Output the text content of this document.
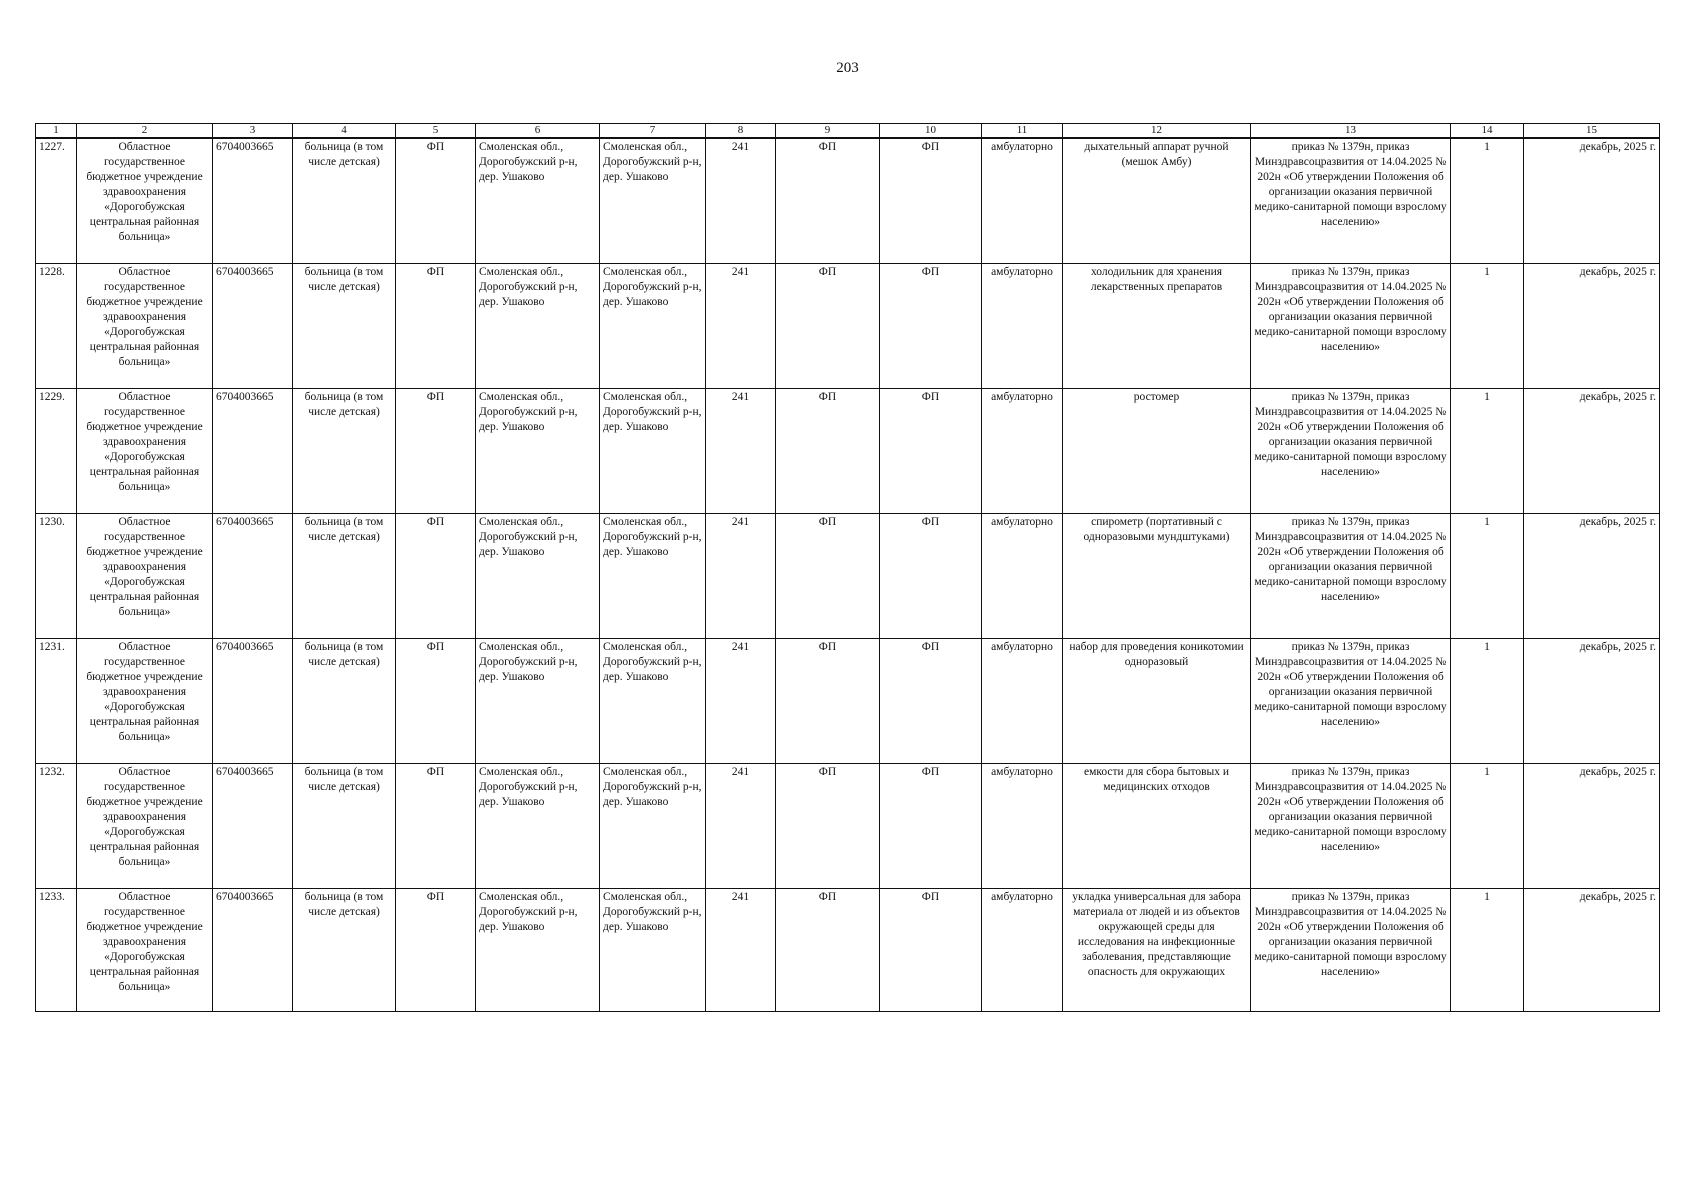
203
1	2	3	4	5	6	7	8	9	10	11	12	13	14	15
1227.	Областное государственное бюджетное учреждение здравоохранения «Дорогобужская центральная районная больница»	6704003665	больница (в том числе детская)	ФП	Смоленская обл., Дорогобужский р-н, дер. Ушаково	Смоленская обл., Дорогобужский р-н, дер. Ушаково	241	ФП	ФП	амбулаторно	дыхательный аппарат ручной (мешок Амбу)	приказ № 1379н, приказ Минздравсоцразвития от 14.04.2025 № 202н «Об утверждении Положения об организации оказания первичной медико-санитарной помощи взрослому населению»	1	декабрь, 2025 г.
1228.	Областное государственное бюджетное учреждение здравоохранения «Дорогобужская центральная районная больница»	6704003665	больница (в том числе детская)	ФП	Смоленская обл., Дорогобужский р-н, дер. Ушаково	Смоленская обл., Дорогобужский р-н, дер. Ушаково	241	ФП	ФП	амбулаторно	холодильник для хранения лекарственных препаратов	приказ № 1379н, приказ Минздравсоцразвития от 14.04.2025 № 202н «Об утверждении Положения об организации оказания первичной медико-санитарной помощи взрослому населению»	1	декабрь, 2025 г.
1229.	Областное государственное бюджетное учреждение здравоохранения «Дорогобужская центральная районная больница»	6704003665	больница (в том числе детская)	ФП	Смоленская обл., Дорогобужский р-н, дер. Ушаково	Смоленская обл., Дорогобужский р-н, дер. Ушаково	241	ФП	ФП	амбулаторно	ростомер	приказ № 1379н, приказ Минздравсоцразвития от 14.04.2025 № 202н «Об утверждении Положения об организации оказания первичной медико-санитарной помощи взрослому населению»	1	декабрь, 2025 г.
1230.	Областное государственное бюджетное учреждение здравоохранения «Дорогобужская центральная районная больница»	6704003665	больница (в том числе детская)	ФП	Смоленская обл., Дорогобужский р-н, дер. Ушаково	Смоленская обл., Дорогобужский р-н, дер. Ушаково	241	ФП	ФП	амбулаторно	спирометр (портативный с одноразовыми мундштуками)	приказ № 1379н, приказ Минздравсоцразвития от 14.04.2025 № 202н «Об утверждении Положения об организации оказания первичной медико-санитарной помощи взрослому населению»	1	декабрь, 2025 г.
1231.	Областное государственное бюджетное учреждение здравоохранения «Дорогобужская центральная районная больница»	6704003665	больница (в том числе детская)	ФП	Смоленская обл., Дорогобужский р-н, дер. Ушаково	Смоленская обл., Дорогобужский р-н, дер. Ушаково	241	ФП	ФП	амбулаторно	набор для проведения коникотомии одноразовый	приказ № 1379н, приказ Минздравсоцразвития от 14.04.2025 № 202н «Об утверждении Положения об организации оказания первичной медико-санитарной помощи взрослому населению»	1	декабрь, 2025 г.
1232.	Областное государственное бюджетное учреждение здравоохранения «Дорогобужская центральная районная больница»	6704003665	больница (в том числе детская)	ФП	Смоленская обл., Дорогобужский р-н, дер. Ушаково	Смоленская обл., Дорогобужский р-н, дер. Ушаково	241	ФП	ФП	амбулаторно	емкости для сбора бытовых и медицинских отходов	приказ № 1379н, приказ Минздравсоцразвития от 14.04.2025 № 202н «Об утверждении Положения об организации оказания первичной медико-санитарной помощи взрослому населению»	1	декабрь, 2025 г.
1233.	Областное государственное бюджетное учреждение здравоохранения «Дорогобужская центральная районная больница»	6704003665	больница (в том числе детская)	ФП	Смоленская обл., Дорогобужский р-н, дер. Ушаково	Смоленская обл., Дорогобужский р-н, дер. Ушаково	241	ФП	ФП	амбулаторно	укладка универсальная для забора материала от людей и из объектов окружающей среды для исследования на инфекционные заболевания, представляющие опасность для окружающих	приказ № 1379н, приказ Минздравсоцразвития от 14.04.2025 № 202н «Об утверждении Положения об организации оказания первичной медико-санитарной помощи взрослому населению»	1	декабрь, 2025 г.
